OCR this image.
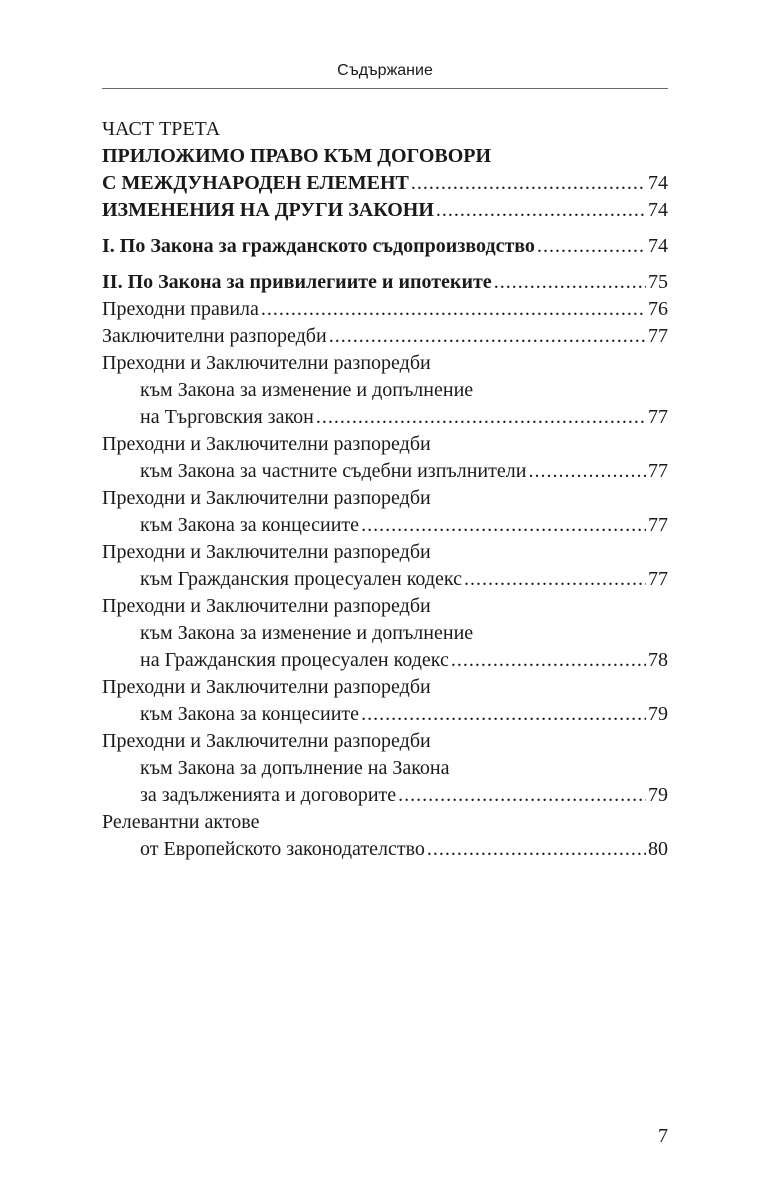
Съдържание
ЧАСТ ТРЕТА
ПРИЛОЖИМО ПРАВО КЪМ ДОГОВОРИ
С МЕЖДУНАРОДЕН ЕЛЕМЕНТ .....	74
ИЗМЕНЕНИЯ НА ДРУГИ ЗАКОНИ .....	74
I. По Закона за гражданското съдопроизводство .....	74
II. По Закона за привилегиите и ипотеките .....	75
Преходни правила .....	76
Заключителни разпоредби .....	77
Преходни и Заключителни разпоредби
към Закона за изменение и допълнение
на Търговския закон .....	77
Преходни и Заключителни разпоредби
към Закона за частните съдебни изпълнители .....	77
Преходни и Заключителни разпоредби
към Закона за концесиите .....	77
Преходни и Заключителни разпоредби
към Гражданския процесуален кодекс .....	77
Преходни и Заключителни разпоредби
към Закона за изменение и допълнение
на Гражданския процесуален кодекс .....	78
Преходни и Заключителни разпоредби
към Закона за концесиите .....	79
Преходни и Заключителни разпоредби
към Закона за допълнение на Закона
за задълженията и договорите .....	79
Релевантни актове
от Европейското законодателство .....	80
7
